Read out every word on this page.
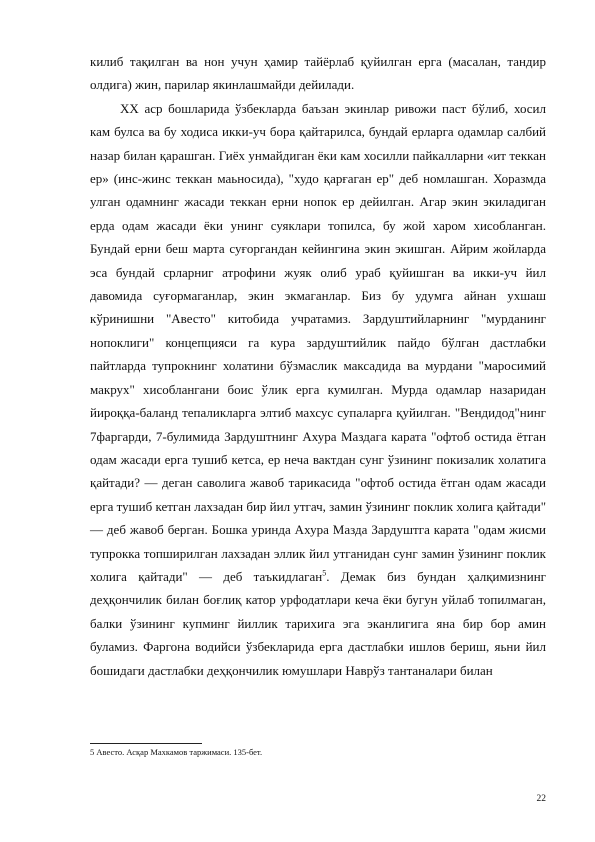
килиб тақилган ва нон учун ҳамир тайёрлаб қуйилган ерга (масалан, тандир олдига) жин, парилар якинлашмайди дейилади.

XX аср бошларида ўзбекларда баъзан экинлар ривожи паст бўлиб, хосил кам булса ва бу ходиса икки-уч бора қайтарилса, бундай ерларга одамлар салбий назар билан қарашган. Гиёх унмайдиган ёки кам хосилли пайкалларни «ит теккан ер» (инс-жинс теккан маьносида), "худо қарғаган ер" деб номлашган. Хоразмда улган одамнинг жасади теккан ерни нопок ер дейилган. Агар экин экиладиган ерда одам жасади ёки унинг суяклари топилса, бу жой харом хисобланган. Бундай ерни беш марта суғоргандан кейингина экин экишган. Айрим жойларда эса бундай срларниг атрофини жуяк олиб ураб қуйишган ва икки-уч йил давомида суғормаганлар, экин экмаганлар. Биз бу удумга айнан ухшаш кўринишни "Авесто" китобида учратамиз. Зардуштийларнинг "мурданинг нопоклиги" концепцияси га кура зардуштийлик пайдо бўлган дастлабки пайтларда тупрокнинг холатини бўзмаслик максадида ва мурдани "маросимий макрух" хисоблангани боис ўлик ерга кумилган. Мурда одамлар назаридан йироққа-баланд тепаликларга элтиб махсус супаларга қуйилган. "Вендидод"нинг 7фаргарди, 7-булимида Зардуштнинг Ахура Маздага карата "офтоб остида ётган одам жасади ерга тушиб кетса, ер неча вактдан сунг ўзининг покизалик холатига қайтади? — деган саволига жавоб тарикасида "офтоб остида ётган одам жасади ерга тушиб кетган лахзадан бир йил утгач, замин ўзининг поклик холига қайтади" — деб жавоб берган. Бошка уринда Ахура Мазда Зардуштга карата "одам жисми тупрокка топширилган лахзадан эллик йил утганидан сунг замин ўзининг поклик холига қайтади" — деб таъкидлаган$^5$. Демак биз бундан ҳалқимизнинг деҳқончилик билан боғлиқ катор урфодатлари кеча ёки бугун уйлаб топилмаган, балки ўзининг купминг йиллик тарихига эга эканлигига яна бир бор амин буламиз. Фаргона водийси ўзбекларида ерга дастлабки ишлов бериш, яьни йил бошидаги дастлабки деҳқончилик юмушлари Наврўз тантаналари билан

5 Авесто. Асқар Махкамов таржимаси. 135-бет.

22
